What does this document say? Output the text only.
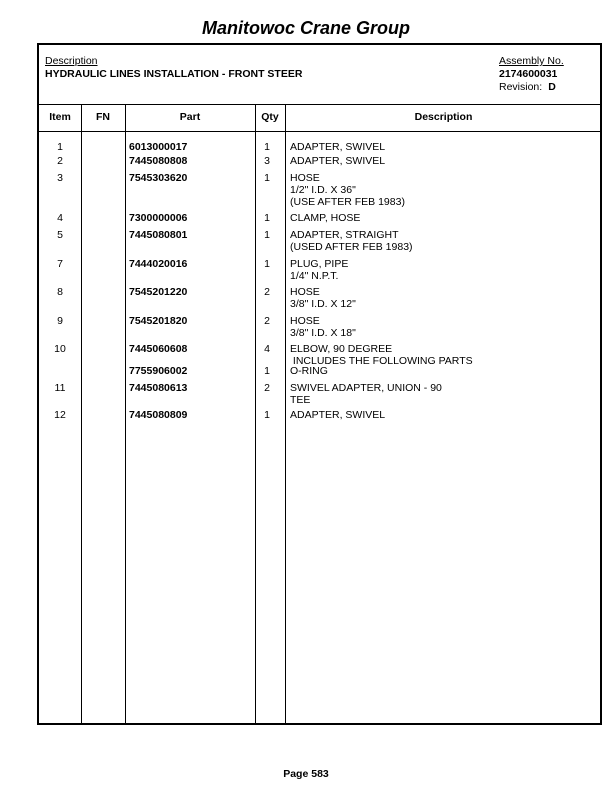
Manitowoc Crane Group
Description
HYDRAULIC LINES INSTALLATION - FRONT STEER
Assembly No.
2174600031
Revision: D
Item	FN	Part	Qty	Description
1	6013000017	1	ADAPTER, SWIVEL
2	7445080808	3	ADAPTER, SWIVEL
3	7545303620	1	HOSE
1/2" I.D. X 36"
(USE AFTER FEB 1983)
4	7300000006	1	CLAMP, HOSE
5	7445080801	1	ADAPTER, STRAIGHT
(USED AFTER FEB 1983)
7	7444020016	1	PLUG, PIPE
1/4" N.P.T.
8	7545201220	2	HOSE
3/8" I.D. X 12"
9	7545201820	2	HOSE
3/8" I.D. X 18"
10	7445060608	4	ELBOW, 90 DEGREE
INCLUDES THE FOLLOWING PARTS
7755906002	1	O-RING
11	7445080613	2	SWIVEL ADAPTER, UNION - 90
TEE
12	7445080809	1	ADAPTER, SWIVEL
Page 583
